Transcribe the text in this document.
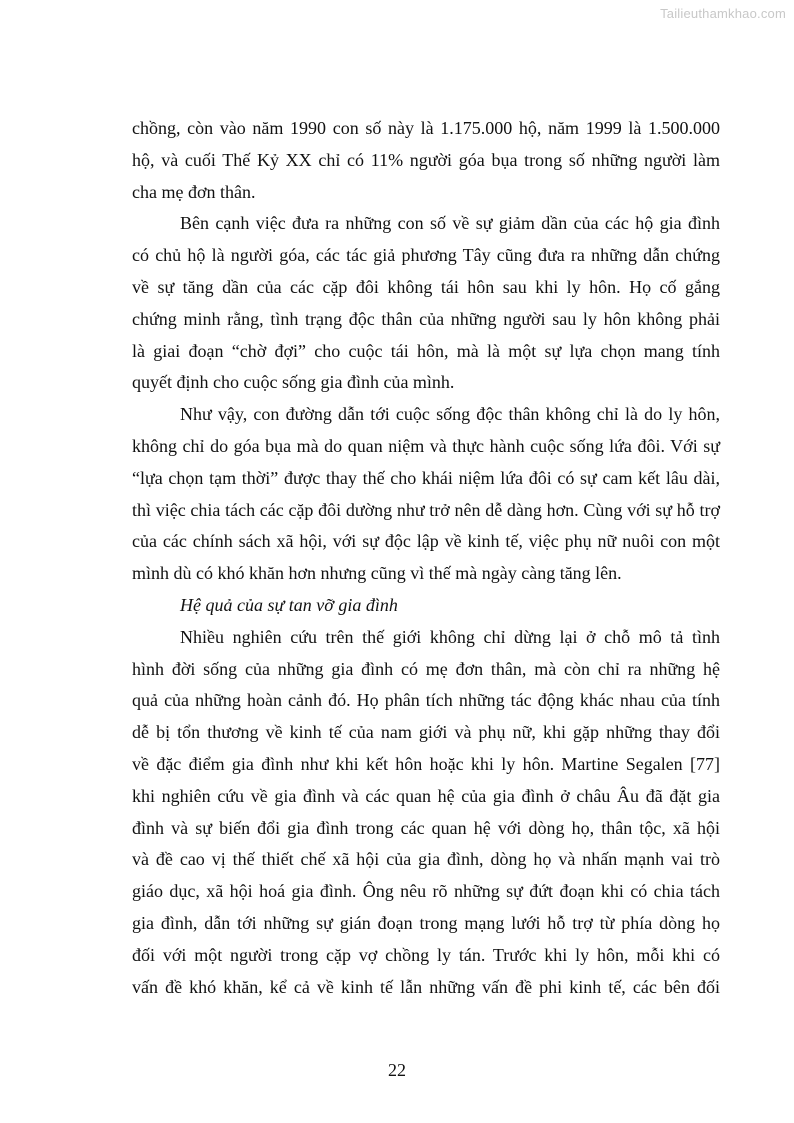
Tailieuthamkhao.com
chồng, còn vào năm 1990 con số này là 1.175.000 hộ, năm 1999 là 1.500.000
hộ, và cuối Thế Kỷ XX chỉ có 11% người góa bụa trong số những người làm
cha mẹ đơn thân.
Bên cạnh việc đưa ra những con số về sự giảm dần của các hộ gia đình
có chủ hộ là người góa, các tác giả phương Tây cũng đưa ra những dẫn chứng
về sự tăng dần của các cặp đôi không tái hôn sau khi ly hôn. Họ cố gắng
chứng minh rằng, tình trạng độc thân của những người sau ly hôn không phải
là giai đoạn “chờ đợi” cho cuộc tái hôn, mà là một sự lựa chọn mang tính
quyết định cho cuộc sống gia đình của mình.
Như vậy, con đường dẫn tới cuộc sống độc thân không chỉ là do ly hôn,
không chỉ do góa bụa mà do quan niệm và thực hành cuộc sống lứa đôi. Với sự
“lựa chọn tạm thời” được thay thế cho khái niệm lứa đôi có sự cam kết lâu dài,
thì việc chia tách các cặp đôi dường như trở nên dễ dàng hơn. Cùng với sự hỗ trợ
của các chính sách xã hội, với sự độc lập về kinh tế, việc phụ nữ nuôi con một
mình dù có khó khăn hơn nhưng cũng vì thế mà ngày càng tăng lên.
Hệ quả của sự tan vỡ gia đình
Nhiều nghiên cứu trên thế giới không chỉ dừng lại ở chỗ mô tả tình
hình đời sống của những gia đình có mẹ đơn thân, mà còn chỉ ra những hệ
quả của những hoàn cảnh đó. Họ phân tích những tác động khác nhau của tính
dễ bị tổn thương về kinh tế của nam giới và phụ nữ, khi gặp những thay đổi
về đặc điểm gia đình như khi kết hôn hoặc khi ly hôn. Martine Segalen [77]
khi nghiên cứu về gia đình và các quan hệ của gia đình ở châu Âu đã đặt gia
đình và sự biến đổi gia đình trong các quan hệ với dòng họ, thân tộc, xã hội
và đề cao vị thế thiết chế xã hội của gia đình, dòng họ và nhấn mạnh vai trò
giáo dục, xã hội hoá gia đình. Ông nêu rõ những sự đứt đoạn khi có chia tách
gia đình, dẫn tới những sự gián đoạn trong mạng lưới hỗ trợ từ phía dòng họ
đối với một người trong cặp vợ chồng ly tán. Trước khi ly hôn, mỗi khi có
vấn đề khó khăn, kể cả về kinh tế lẫn những vấn đề phi kinh tế, các bên đối
22
